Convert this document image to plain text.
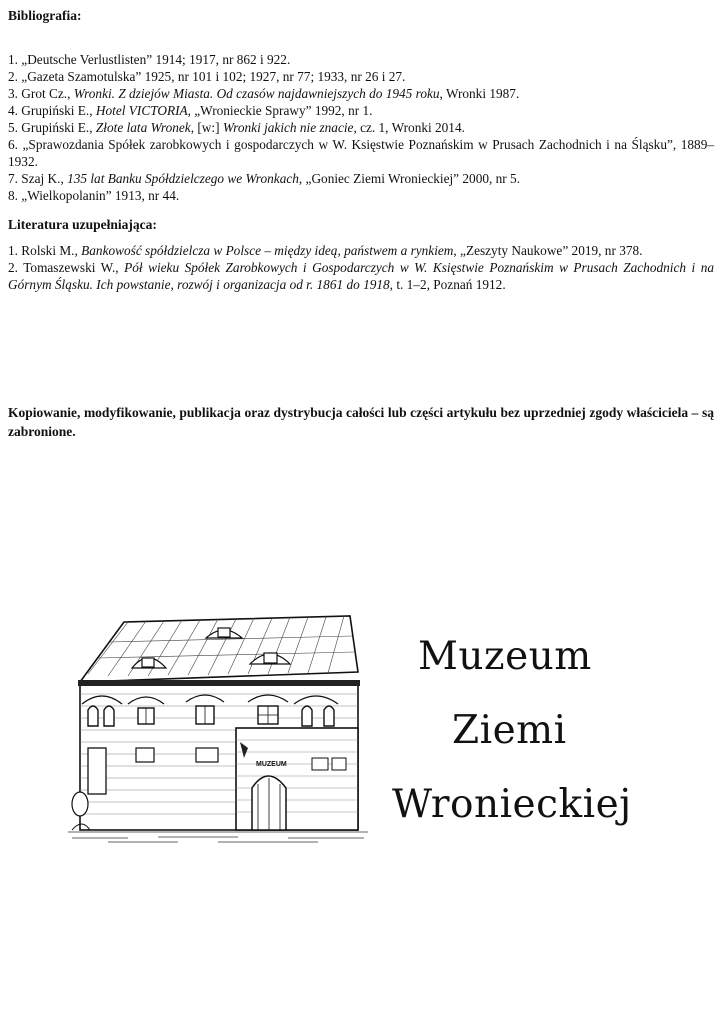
Bibliografia:
1. „Deutsche Verlustlisten” 1914; 1917, nr 862 i 922.
2. „Gazeta Szamotulska” 1925, nr 101 i 102; 1927, nr 77; 1933, nr 26 i 27.
3. Grot Cz., Wronki. Z dziejów Miasta. Od czasów najdawniejszych do 1945 roku, Wronki 1987.
4. Grupiński E., Hotel VICTORIA, „Wronieckie Sprawy” 1992, nr 1.
5. Grupiński E., Złote lata Wronek, [w:] Wronki jakich nie znacie, cz. 1, Wronki 2014.
6. „Sprawozdania Spółek zarobkowych i gospodarczych w W. Księstwie Poznańskim w Prusach Zachodnich i na Śląsku”, 1889–1932.
7. Szaj K., 135 lat Banku Spółdzielczego we Wronkach, „Goniec Ziemi Wronieckiej” 2000, nr 5.
8. „Wielkopolanin” 1913, nr 44.
Literatura uzupełniająca:
1. Rolski M., Bankowość spółdzielcza w Polsce – między ideą, państwem a rynkiem, „Zeszyty Naukowe” 2019, nr 378.
2. Tomaszewski W., Pół wieku Spółek Zarobkowych i Gospodarczych w W. Księstwie Poznańskim w Prusach Zachodnich i na Górnym Śląsku. Ich powstanie, rozwój i organizacja od r. 1861 do 1918, t. 1–2, Poznań 1912.

Kopiowanie, modyfikowanie, publikacja oraz dystrybucja całości lub części artykułu bez uprzedniej zgody właściciela – są zabronione.

MUZEUM

Muzeum

Ziemi

Wronieckiej
